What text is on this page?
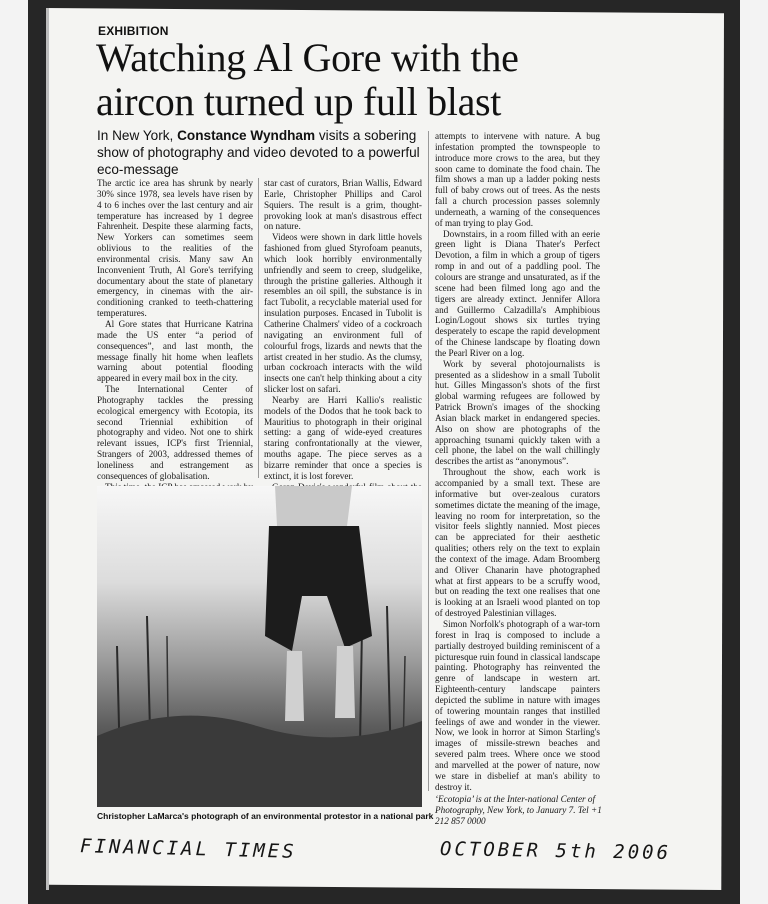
EXHIBITION
Watching Al Gore with the aircon turned up full blast
In New York, Constance Wyndham visits a sobering show of photography and video devoted to a powerful eco-message

The arctic ice area has shrunk by nearly 30% since 1978, sea levels have risen by 4 to 6 inches over the last century and air temperature has increased by 1 degree Fahrenheit. Despite these alarming facts, New Yorkers can sometimes seem oblivious to the realities of the environmental crisis. Many saw An Inconvenient Truth, Al Gore's terrifying documentary about the state of planetary emergency, in cinemas with the air-conditioning cranked to teeth-chattering temperatures.

Al Gore states that Hurricane Katrina made the US enter “a period of consequences”, and last month, the message finally hit home when leaflets warning about potential flooding appeared in every mail box in the city.

The International Center of Photography tackles the pressing ecological emergency with Ecotopia, its second Triennial exhibition of photography and video. Not one to shirk relevant issues, ICP's first Triennial, Strangers of 2003, addressed themes of loneliness and estrangement as consequences of globalisation.

star cast of curators, Brian Wallis, Edward Earle, Christopher Phillips and Carol Squiers. The result is a grim, thought-provoking look at man's disastrous effect on nature.

Videos were shown in dark little hovels fashioned from glued Styrofoam peanuts, which look horribly environmentally unfriendly and seem to creep, sludgelike, through the pristine galleries. Although it resembles an oil spill, the substance is in fact Tubolit, a recyclable material used for insulation purposes. Encased in Tubolit is Catherine Chalmers' video of a cockroach navigating an environment full of colourful frogs, lizards and newts that the artist created in her studio. As the clumsy, urban cockroach interacts with the wild insects one can't help thinking about a city slicker lost on safari.

Nearby are Harri Kallio's realistic models of the Dodos that he took back to Mauritius to photograph in their original setting: a gang of wide-eyed creatures staring confrontationally at the viewer, mouths agape. The piece serves as a bizarre reminder that once a species is extinct, it is lost forever.

attempts to intervene with nature. A bug infestation prompted the townspeople to introduce more crows to the area, but they soon came to dominate the food chain. The film shows a man up a ladder poking nests full of baby crows out of trees. As the nests fall a church procession passes solemnly underneath, a warning of the consequences of man trying to play God.

Downstairs, in a room filled with an eerie green light is Diana Thater's Perfect Devotion, a film in which a group of tigers romp in and out of a paddling pool. The colours are strange and unsaturated, as if the scene had been filmed long ago and the tigers are already extinct. Jennifer Allora and Guillermo Calzadilla's Amphibious Login/Logout shows six turtles trying desperately to escape the rapid development of the Chinese landscape by floating down the Pearl River on a log.

Work by several photojournalists is presented as a slideshow in a small Tubolit hut. Gilles Mingasson's shots of the first global warming refugees are followed by Patrick Brown's images of the shocking Asian black market in endangered species. Also on show are photographs of the approaching tsunami quickly taken with a cell phone, the label on the wall chillingly describes the artist as “anonymous”.

Throughout the show, each work is accompanied by a small text. These are informative but over-zealous curators sometimes dictate the meaning of the image, leaving no room for interpretation, so the visitor feels slightly nannied. Most pieces can be appreciated for their aesthetic qualities; others rely on the text to explain the context of the image. Adam Broomberg and Oliver Chanarin have photographed what at first appears to be a scruffy wood, but on reading the text one realises that one is looking at an Israeli wood planted on top of destroyed Palestinian villages.

Simon Norfolk's photograph of a war-torn forest in Iraq is composed to include a partially destroyed building reminiscent of a picturesque ruin found in classical landscape painting. Photography has reinvented the genre of landscape in western art. Eighteenth-century landscape painters depicted the sublime in nature with images of towering mountain ranges that instilled feelings of awe and wonder in the viewer. Now, we look in horror at Simon Starling's images of missile-strewn beaches and severed palm trees. Where once we stood and marvelled at the power of nature, now we stare in disbelief at man's ability to destroy it.

Christopher LaMarca's photograph of an environmental protestor in a national park
‘Ecotopia’ is at the Inter-national Center of Photography, New York, to January 7. Tel +1 212 857 0000
FINANCIAL TIMES	OCTOBER 5th 2006
